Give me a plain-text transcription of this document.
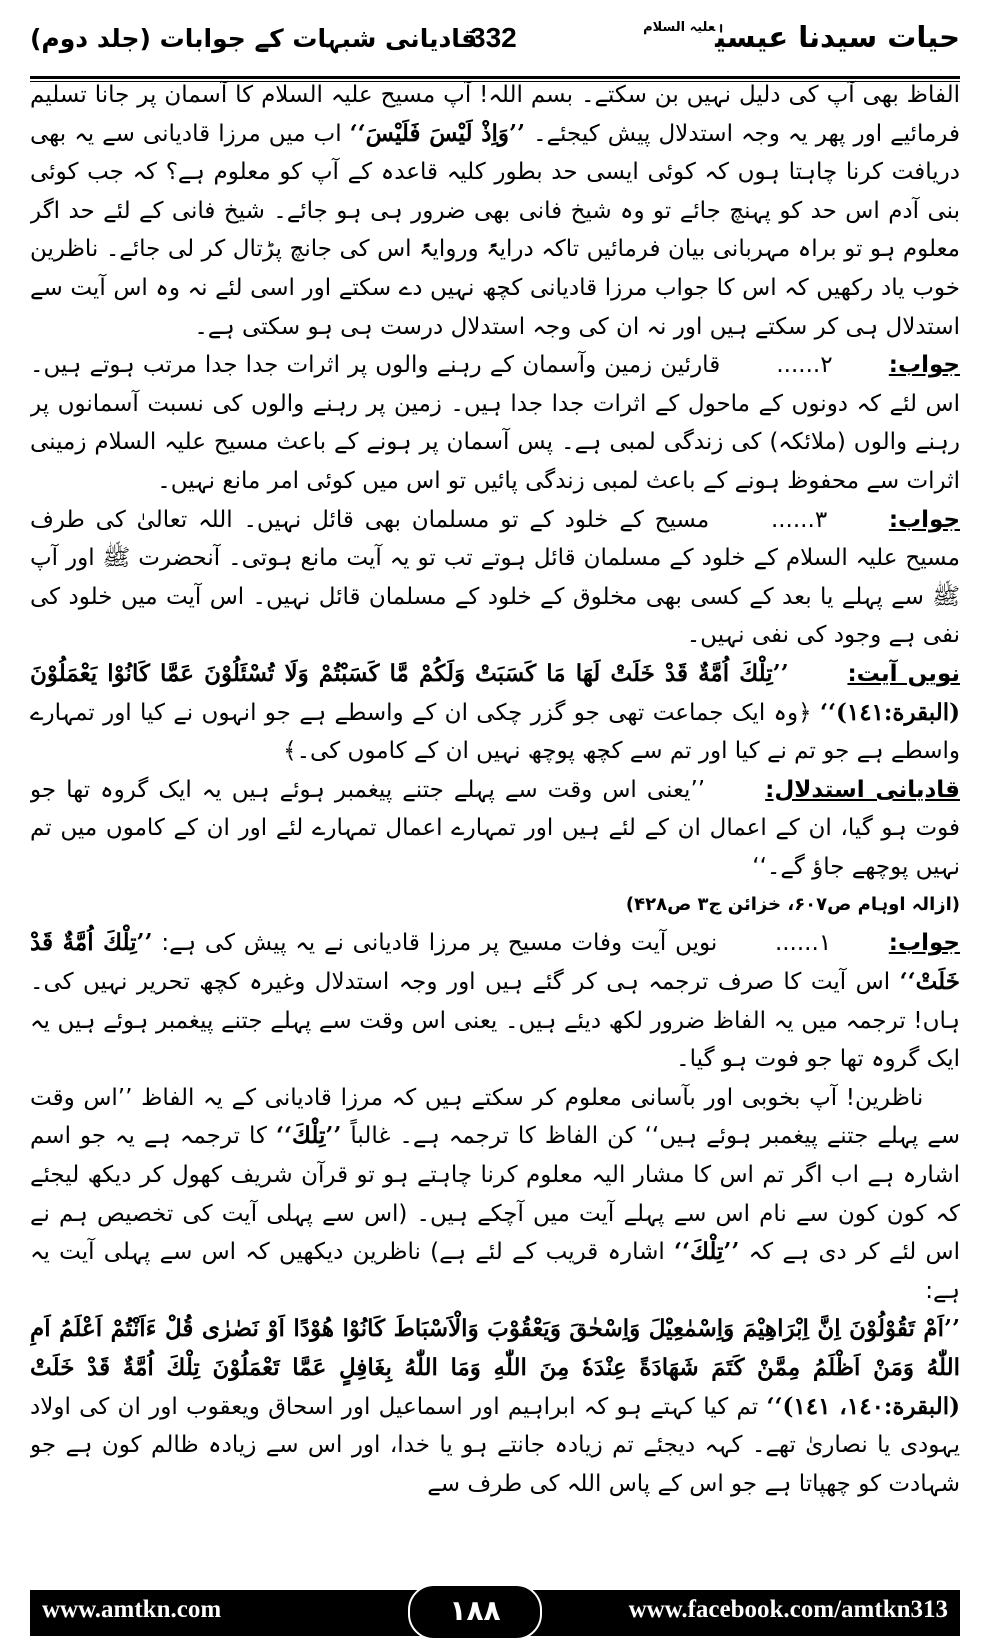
حیات سیدنا عیسیٰ$^{علیہ السلام}$
332
قادیانی شبہات کے جوابات (جلد دوم)

الفاظ بھی آپ کی دلیل نہیں بن سکتے۔ بسم اللہ! آپ مسیح علیہ السلام کا آسمان پر جانا تسلیم فرمائیے اور پھر یہ وجہ استدلال پیش کیجئے۔ ’’وَاِذْ لَیْسَ فَلَیْسَ‘‘ اب میں مرزا قادیانی سے یہ بھی دریافت کرنا چاہتا ہوں کہ کوئی ایسی حد بطور کلیہ قاعدہ کے آپ کو معلوم ہے؟ کہ جب کوئی بنی آدم اس حد کو پہنچ جائے تو وہ شیخ فانی بھی ضرور ہی ہو جائے۔ شیخ فانی کے لئے حد اگر معلوم ہو تو براہ مہربانی بیان فرمائیں تاکہ درایۃً وروایۃً اس کی جانچ پڑتال کر لی جائے۔ ناظرین خوب یاد رکھیں کہ اس کا جواب مرزا قادیانی کچھ نہیں دے سکتے اور اسی لئے نہ وہ اس آیت سے استدلال ہی کر سکتے ہیں اور نہ ان کی وجہ استدلال درست ہی ہو سکتی ہے۔

جواب:  ۲......  قارئین زمین وآسمان کے رہنے والوں پر اثرات جدا جدا مرتب ہوتے ہیں۔ اس لئے کہ دونوں کے ماحول کے اثرات جدا جدا ہیں۔ زمین پر رہنے والوں کی نسبت آسمانوں پر رہنے والوں (ملائکہ) کی زندگی لمبی ہے۔ پس آسمان پر ہونے کے باعث مسیح علیہ السلام زمینی اثرات سے محفوظ ہونے کے باعث لمبی زندگی پائیں تو اس میں کوئی امر مانع نہیں۔

جواب:  ۳......  مسیح کے خلود کے تو مسلمان بھی قائل نہیں۔ اللہ تعالیٰ کی طرف مسیح علیہ السلام کے خلود کے مسلمان قائل ہوتے تب تو یہ آیت مانع ہوتی۔ آنحضرت ﷺ اور آپ ﷺ سے پہلے یا بعد کے کسی بھی مخلوق کے خلود کے مسلمان قائل نہیں۔ اس آیت میں خلود کی نفی ہے وجود کی نفی نہیں۔

نویں آیت:  ’’تِلْكَ اُمَّةٌ قَدْ خَلَتْ لَهَا مَا كَسَبَتْ وَلَكُمْ مَّا كَسَبْتُمْ وَلَا تُسْئَلُوْنَ عَمَّا كَانُوْا يَعْمَلُوْنَ (البقرة:١٤١)‘‘ ﴿وہ ایک جماعت تھی جو گزر چکی ان کے واسطے ہے جو انہوں نے کیا اور تمہارے واسطے ہے جو تم نے کیا اور تم سے کچھ پوچھ نہیں ان کے کاموں کی۔﴾

قادیانی استدلال:  ’’یعنی اس وقت سے پہلے جتنے پیغمبر ہوئے ہیں یہ ایک گروہ تھا جو فوت ہو گیا، ان کے اعمال ان کے لئے ہیں اور تمہارے اعمال تمہارے لئے اور ان کے کاموں میں تم نہیں پوچھے جاؤ گے۔‘‘

(ازالہ اوہام ص۶۰۷، خزائن ج۳ ص۴۲۸)

جواب:  ۱......  نویں آیت وفات مسیح پر مرزا قادیانی نے یہ پیش کی ہے: ’’تِلْكَ اُمَّةٌ قَدْ خَلَتْ‘‘ اس آیت کا صرف ترجمہ ہی کر گئے ہیں اور وجہ استدلال وغیرہ کچھ تحریر نہیں کی۔ ہاں! ترجمہ میں یہ الفاظ ضرور لکھ دیئے ہیں۔ یعنی اس وقت سے پہلے جتنے پیغمبر ہوئے ہیں یہ ایک گروہ تھا جو فوت ہو گیا۔

ناظرین! آپ بخوبی اور بآسانی معلوم کر سکتے ہیں کہ مرزا قادیانی کے یہ الفاظ ’’اس وقت سے پہلے جتنے پیغمبر ہوئے ہیں‘‘ کن الفاظ کا ترجمہ ہے۔ غالباً ’’تِلْكَ‘‘ کا ترجمہ ہے یہ جو اسم اشارہ ہے اب اگر تم اس کا مشار الیہ معلوم کرنا چاہتے ہو تو قرآن شریف کھول کر دیکھ لیجئے کہ کون کون سے نام اس سے پہلے آیت میں آچکے ہیں۔ (اس سے پہلی آیت کی تخصیص ہم نے اس لئے کر دی ہے کہ ’’تِلْكَ‘‘ اشارہ قریب کے لئے ہے) ناظرین دیکھیں کہ اس سے پہلی آیت یہ ہے:

’’اَمْ تَقُوْلُوْنَ اِنَّ اِبْرَاهِيْمَ وَاِسْمٰعِيْلَ وَاِسْحٰقَ وَيَعْقُوْبَ وَالْاَسْبَاطَ كَانُوْا هُوْدًا اَوْ نَصٰرٰى قُلْ ءَاَنْتُمْ اَعْلَمُ اَمِ اللّٰهُ وَمَنْ اَظْلَمُ مِمَّنْ كَتَمَ شَهَادَةً عِنْدَهٗ مِنَ اللّٰهِ وَمَا اللّٰهُ بِغَافِلٍ عَمَّا تَعْمَلُوْنَ تِلْكَ اُمَّةٌ قَدْ خَلَتْ (البقرة:١٤٠، ١٤١)‘‘ تم کیا کہتے ہو کہ ابراہیم اور اسماعیل اور اسحاق ویعقوب اور ان کی اولاد یہودی یا نصاریٰ تھے۔ کہہ دیجئے تم زیادہ جانتے ہو یا خدا، اور اس سے زیادہ ظالم کون ہے جو شہادت کو چھپاتا ہے جو اس کے پاس اللہ کی طرف سے

www.amtkn.com	۱۸۸	www.facebook.com/amtkn313
